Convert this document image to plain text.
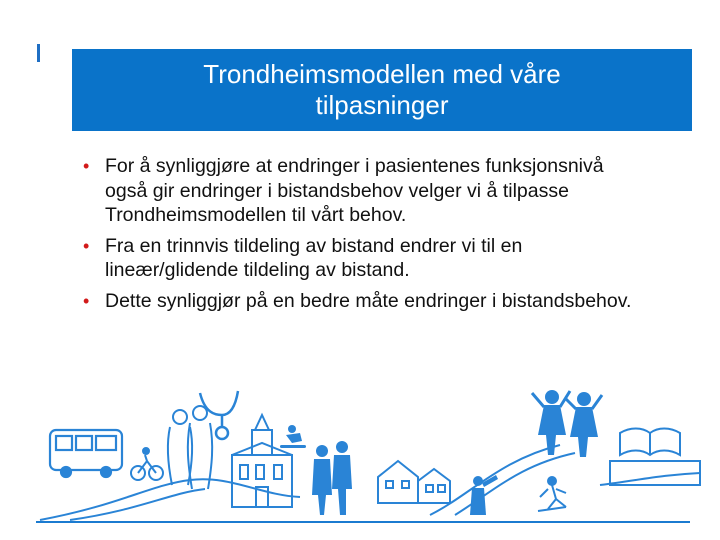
Trondheimsmodellen med våre tilpasninger
• For å synliggjøre at endringer i pasientenes funksjonsnivå også gir endringer i bistandsbehov velger vi å tilpasse Trondheimsmodellen til vårt behov.
• Fra en trinnvis tildeling av bistand endrer vi til en lineær/glidende tildeling av bistand.
• Dette synliggjør på en bedre måte endringer i bistandsbehov.
